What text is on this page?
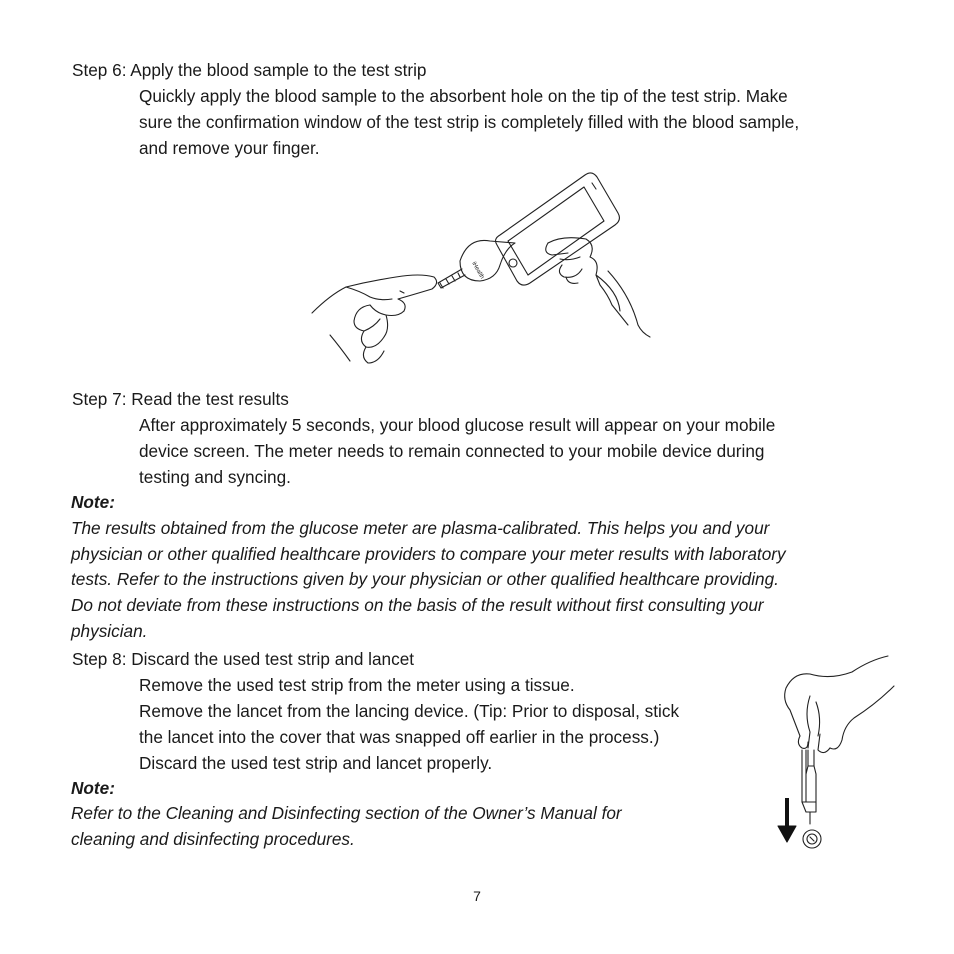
Step 6: Apply the blood sample to the test strip
Quickly apply the blood sample to the absorbent hole on the tip of the test strip. Make
sure the confirmation window of the test strip is completely filled with the blood sample,
and remove your finger.
iHealth
Step 7: Read the test results
After approximately 5 seconds, your blood glucose result will appear on your mobile
device screen. The meter needs to remain connected to your mobile device during
testing and syncing.
Note:
The results obtained from the glucose meter are plasma-calibrated. This helps you and your
physician or other qualified healthcare providers to compare your meter results with laboratory
tests. Refer to the instructions given by your physician or other qualified healthcare providing.
Do not deviate from these instructions on the basis of the result without first consulting your
physician.
Step 8: Discard the used test strip and lancet
Remove the used test strip from the meter using a tissue.
Remove the lancet from the lancing device. (Tip: Prior to disposal, stick
the lancet into the cover that was snapped off earlier in the process.)
Discard the used test strip and lancet properly.
Note:
Refer to the Cleaning and Disinfecting section of the Owner’s Manual for
cleaning and disinfecting procedures.
7
